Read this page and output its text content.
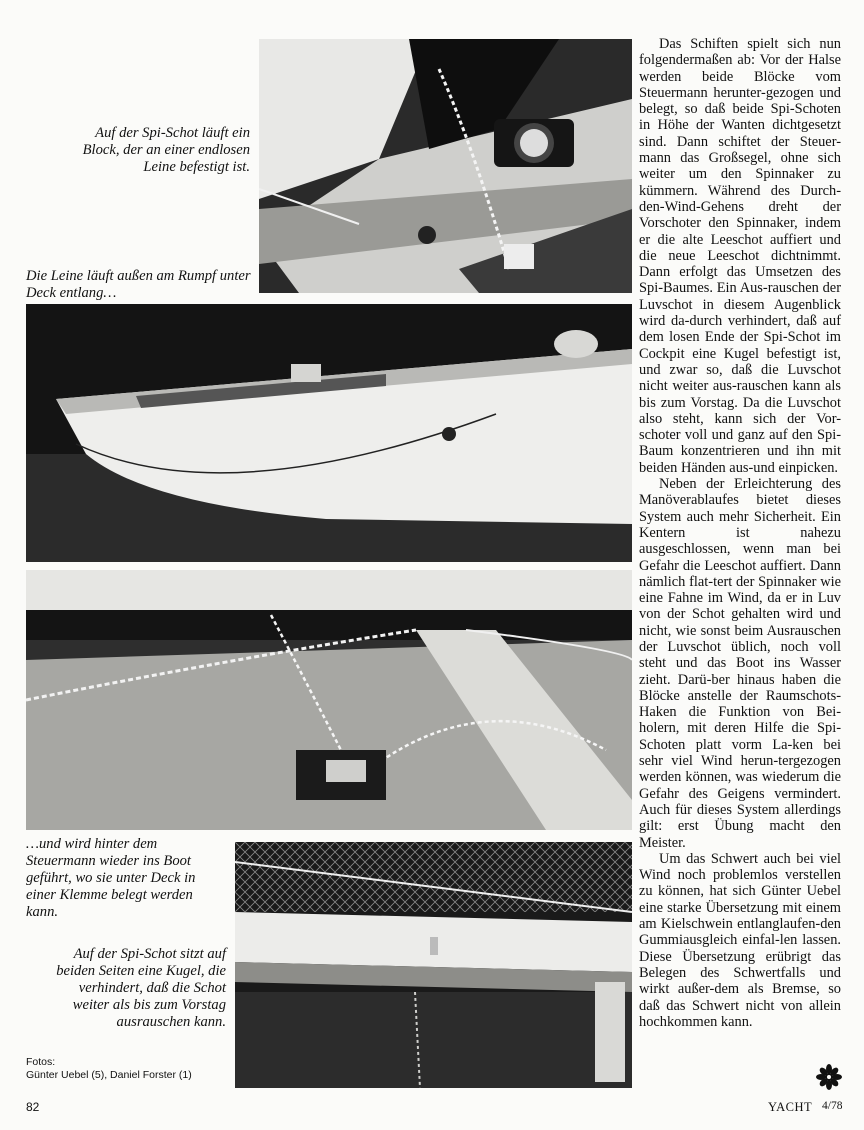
Auf der Spi-Schot läuft ein Block, der an einer endlosen Leine befestigt ist.
Die Leine läuft außen am Rumpf unter Deck entlang…
…und wird hinter dem Steuermann wieder ins Boot geführt, wo sie unter Deck in einer Klemme belegt werden kann.
Auf der Spi-Schot sitzt auf beiden Seiten eine Kugel, die verhindert, daß die Schot weiter als bis zum Vorstag ausrauschen kann.

Das Schiften spielt sich nun folgendermaßen ab: Vor der Halse werden beide Blöcke vom Steuermann herunter-gezogen und belegt, so daß beide Spi-Schoten in Höhe der Wanten dichtgesetzt sind. Dann schiftet der Steuer-mann das Großsegel, ohne sich weiter um den Spinnaker zu kümmern. Während des Durch-den-Wind-Gehens dreht der Vorschoter den Spinnaker, indem er die alte Leeschot auffiert und die neue Leeschot dichtnimmt. Dann erfolgt das Umsetzen des Spi-Baumes. Ein Aus-rauschen der Luvschot in diesem Augenblick wird da-durch verhindert, daß auf dem losen Ende der Spi-Schot im Cockpit eine Kugel befestigt ist, und zwar so, daß die Luvschot nicht weiter aus-rauschen kann als bis zum Vorstag. Da die Luvschot also steht, kann sich der Vor-schoter voll und ganz auf den Spi-Baum konzentrieren und ihn mit beiden Händen aus-und einpicken.

Neben der Erleichterung des Manöverablaufes bietet dieses System auch mehr Sicherheit. Ein Kentern ist nahezu ausgeschlossen, wenn man bei Gefahr die Leeschot auffiert. Dann nämlich flat-tert der Spinnaker wie eine Fahne im Wind, da er in Luv von der Schot gehalten wird und nicht, wie sonst beim Ausrauschen der Luvschot üblich, noch voll steht und das Boot ins Wasser zieht. Darü-ber hinaus haben die Blöcke anstelle der Raumschots-Haken die Funktion von Bei-holern, mit deren Hilfe die Spi-Schoten platt vorm La-ken bei sehr viel Wind herun-tergezogen werden können, was wiederum die Gefahr des Geigens vermindert. Auch für dieses System allerdings gilt: erst Übung macht den Meister.

Um das Schwert auch bei viel Wind noch problemlos verstellen zu können, hat sich Günter Uebel eine starke Übersetzung mit einem am Kielschwein entlanglaufen-den Gummiausgleich einfal-len lassen. Diese Übersetzung erübrigt das Belegen des Schwertfalls und wirkt außer-dem als Bremse, so daß das Schwert nicht von allein hochkommen kann.

Fotos:
Günter Uebel (5), Daniel Forster (1)
82	YACHT 4/78
